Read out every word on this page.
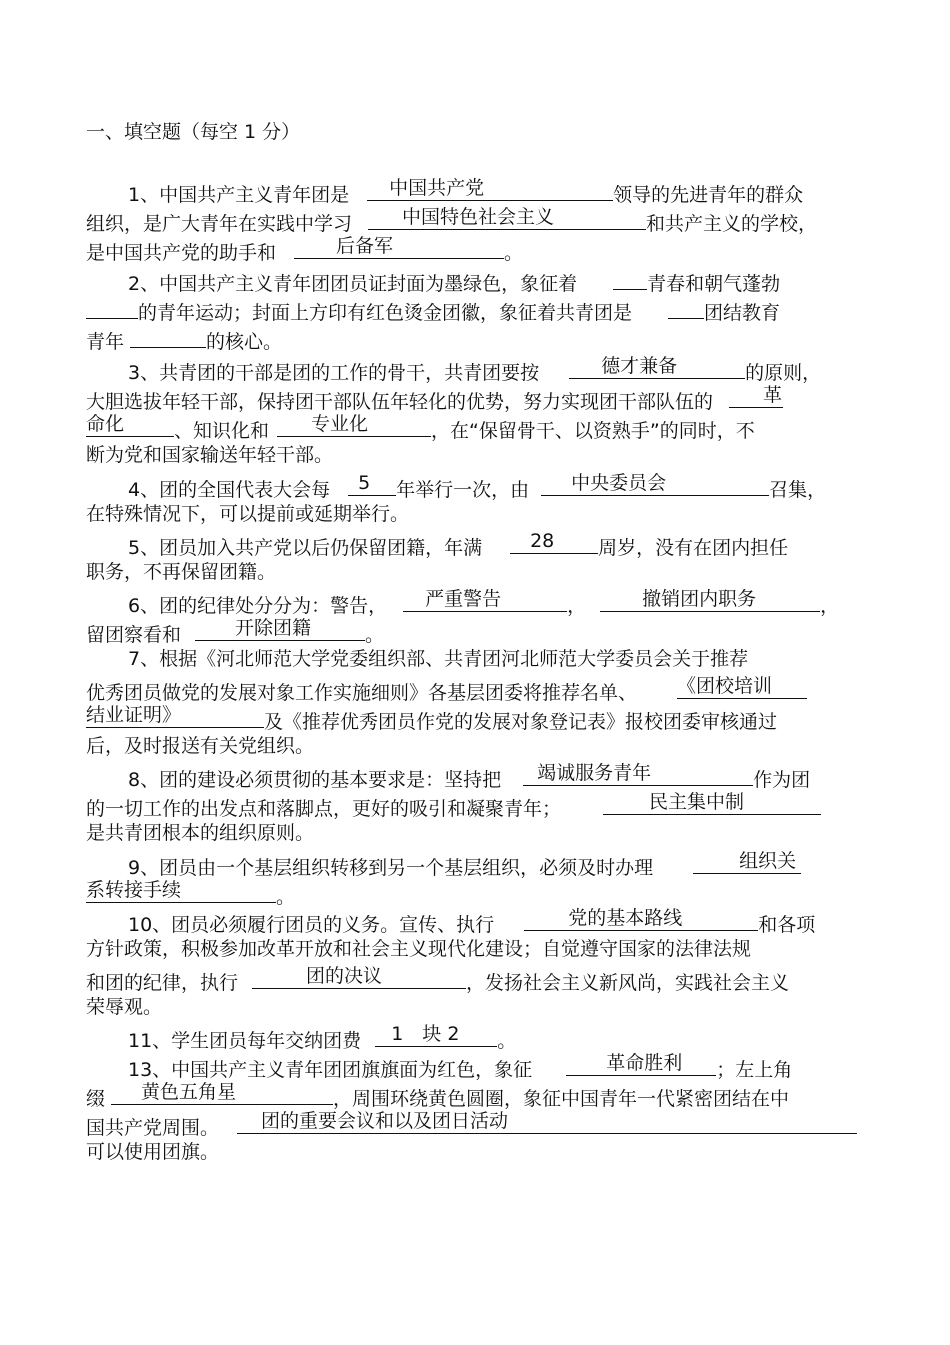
一、填空题（每空 1 分）
1、中国共产主义青年团是 中国共产党	领导的先进青年的群众
组织，是广大青年在实践中学习	中国特色社会主义	和共产主义的学校，
是中国共产党的助手和	后备军	。
2、中国共产主义青年团团员证封面为墨绿色，象征着	青春和朝气蓬勃
的青年运动；封面上方印有红色烫金团徽，象征着共青团是	团结教育
青年	的核心。
3、共青团的干部是团的工作的骨干，共青团要按	德才兼备	的原则，
大胆选拔年轻干部，保持团干部队伍年轻化的优势，努力实现团干部队伍的	革
命化	、知识化和 专业化	，在“保留骨干、以资熟手”的同时，不
断为党和国家输送年轻干部。
4、团的全国代表大会每 5 年举行一次，由 中央委员会	召集，
在特殊情况下，可以提前或延期举行。
5、团员加入共产党以后仍保留团籍，年满	28 周岁，没有在团内担任
职务，不再保留团籍。
6、团的纪律处分分为：警告， 严重警告	，	撤销团内职务	，
留团察看和	开除团籍	。
7、根据《河北师范大学党委组织部、共青团河北师范大学委员会关于推荐
优秀团员做党的发展对象工作实施细则》各基层团委将推荐名单、 《团校培训
结业证明》	及《推荐优秀团员作党的发展对象登记表》报校团委审核通过
后，及时报送有关党组织。
8、团的建设必须贯彻的基本要求是：坚持把 竭诚服务青年	作为团
的一切工作的出发点和落脚点，更好的吸引和凝聚青年；	民主集中制
是共青团根本的组织原则。
9、团员由一个基层组织转移到另一个基层组织，必须及时办理	组织关
系转接手续	。
10、团员必须履行团员的义务。宣传、执行	党的基本路线	和各项
方针政策，积极参加改革开放和社会主义现代化建设；自觉遵守国家的法律法规
和团的纪律，执行	团的决议	，发扬社会主义新风尚，实践社会主义
荣辱观。
11、学生团员每年交纳团费 1　块 2 。
13、中国共产主义青年团团旗旗面为红色，象征	革命胜利 ；左上角
缀 黄色五角星	，周围环绕黄色圆圈，象征中国青年一代紧密团结在中
国共产党周围。 团的重要会议和以及团日活动
可以使用团旗。
